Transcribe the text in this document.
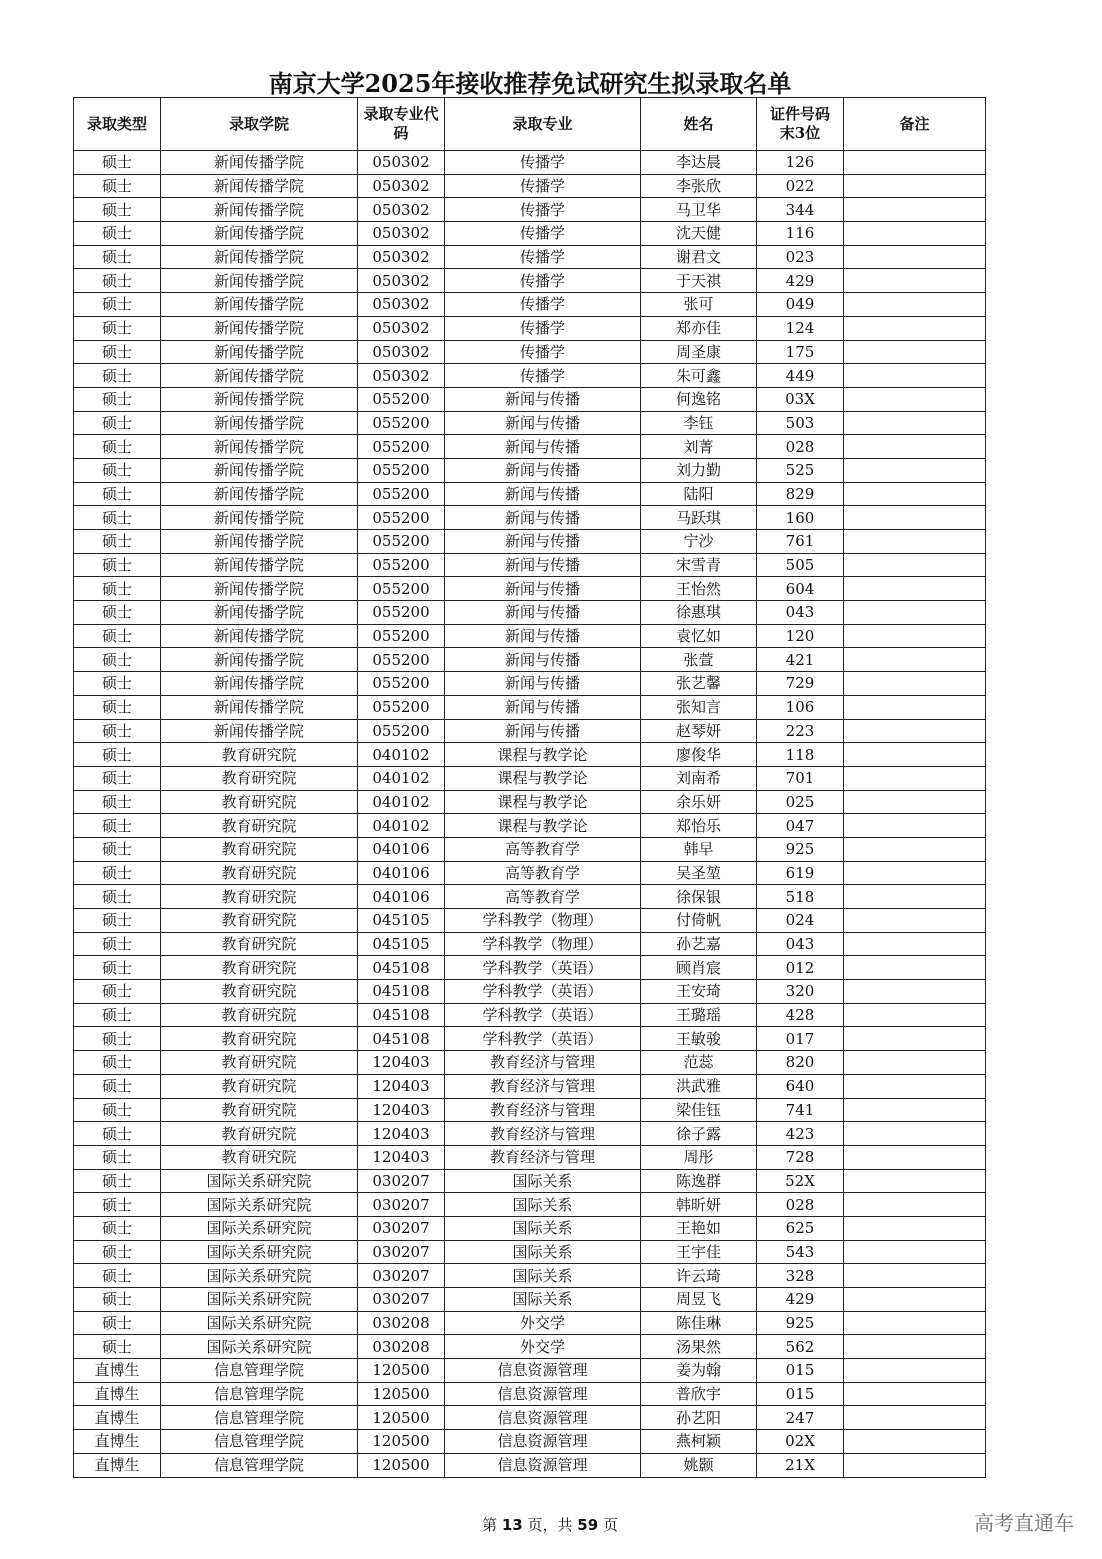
南京大学2025年接收推荐免试研究生拟录取名单
录取类型	录取学院	录取专业代码	录取专业	姓名	证件号码末3位	备注
硕士	新闻传播学院	050302	传播学	李达晨	126	
硕士	新闻传播学院	050302	传播学	李张欣	022	
硕士	新闻传播学院	050302	传播学	马卫华	344	
硕士	新闻传播学院	050302	传播学	沈天健	116	
硕士	新闻传播学院	050302	传播学	谢君文	023	
硕士	新闻传播学院	050302	传播学	于天祺	429	
硕士	新闻传播学院	050302	传播学	张可	049	
硕士	新闻传播学院	050302	传播学	郑亦佳	124	
硕士	新闻传播学院	050302	传播学	周圣康	175	
硕士	新闻传播学院	050302	传播学	朱可鑫	449	
硕士	新闻传播学院	055200	新闻与传播	何逸铭	03X	
硕士	新闻传播学院	055200	新闻与传播	李钰	503	
硕士	新闻传播学院	055200	新闻与传播	刘菁	028	
硕士	新闻传播学院	055200	新闻与传播	刘力勤	525	
硕士	新闻传播学院	055200	新闻与传播	陆阳	829	
硕士	新闻传播学院	055200	新闻与传播	马跃琪	160	
硕士	新闻传播学院	055200	新闻与传播	宁沙	761	
硕士	新闻传播学院	055200	新闻与传播	宋雪青	505	
硕士	新闻传播学院	055200	新闻与传播	王怡然	604	
硕士	新闻传播学院	055200	新闻与传播	徐惠琪	043	
硕士	新闻传播学院	055200	新闻与传播	袁忆如	120	
硕士	新闻传播学院	055200	新闻与传播	张萱	421	
硕士	新闻传播学院	055200	新闻与传播	张艺馨	729	
硕士	新闻传播学院	055200	新闻与传播	张知言	106	
硕士	新闻传播学院	055200	新闻与传播	赵琴妍	223	
硕士	教育研究院	040102	课程与教学论	廖俊华	118	
硕士	教育研究院	040102	课程与教学论	刘南希	701	
硕士	教育研究院	040102	课程与教学论	余乐妍	025	
硕士	教育研究院	040102	课程与教学论	郑怡乐	047	
硕士	教育研究院	040106	高等教育学	韩早	925	
硕士	教育研究院	040106	高等教育学	吴圣堃	619	
硕士	教育研究院	040106	高等教育学	徐保银	518	
硕士	教育研究院	045105	学科教学（物理）	付倚帆	024	
硕士	教育研究院	045105	学科教学（物理）	孙艺嘉	043	
硕士	教育研究院	045108	学科教学（英语）	顾肖宸	012	
硕士	教育研究院	045108	学科教学（英语）	王安琦	320	
硕士	教育研究院	045108	学科教学（英语）	王璐瑶	428	
硕士	教育研究院	045108	学科教学（英语）	王敏骏	017	
硕士	教育研究院	120403	教育经济与管理	范蕊	820	
硕士	教育研究院	120403	教育经济与管理	洪武雅	640	
硕士	教育研究院	120403	教育经济与管理	梁佳钰	741	
硕士	教育研究院	120403	教育经济与管理	徐子露	423	
硕士	教育研究院	120403	教育经济与管理	周彤	728	
硕士	国际关系研究院	030207	国际关系	陈逸群	52X	
硕士	国际关系研究院	030207	国际关系	韩昕妍	028	
硕士	国际关系研究院	030207	国际关系	王艳如	625	
硕士	国际关系研究院	030207	国际关系	王宇佳	543	
硕士	国际关系研究院	030207	国际关系	许云琦	328	
硕士	国际关系研究院	030207	国际关系	周昱飞	429	
硕士	国际关系研究院	030208	外交学	陈佳琳	925	
硕士	国际关系研究院	030208	外交学	汤果然	562	
直博生	信息管理学院	120500	信息资源管理	姜为翰	015	
直博生	信息管理学院	120500	信息资源管理	普欣宇	015	
直博生	信息管理学院	120500	信息资源管理	孙艺阳	247	
直博生	信息管理学院	120500	信息资源管理	燕柯颖	02X	
直博生	信息管理学院	120500	信息资源管理	姚颢	21X	
第 13 页，共 59 页	高考直通车
